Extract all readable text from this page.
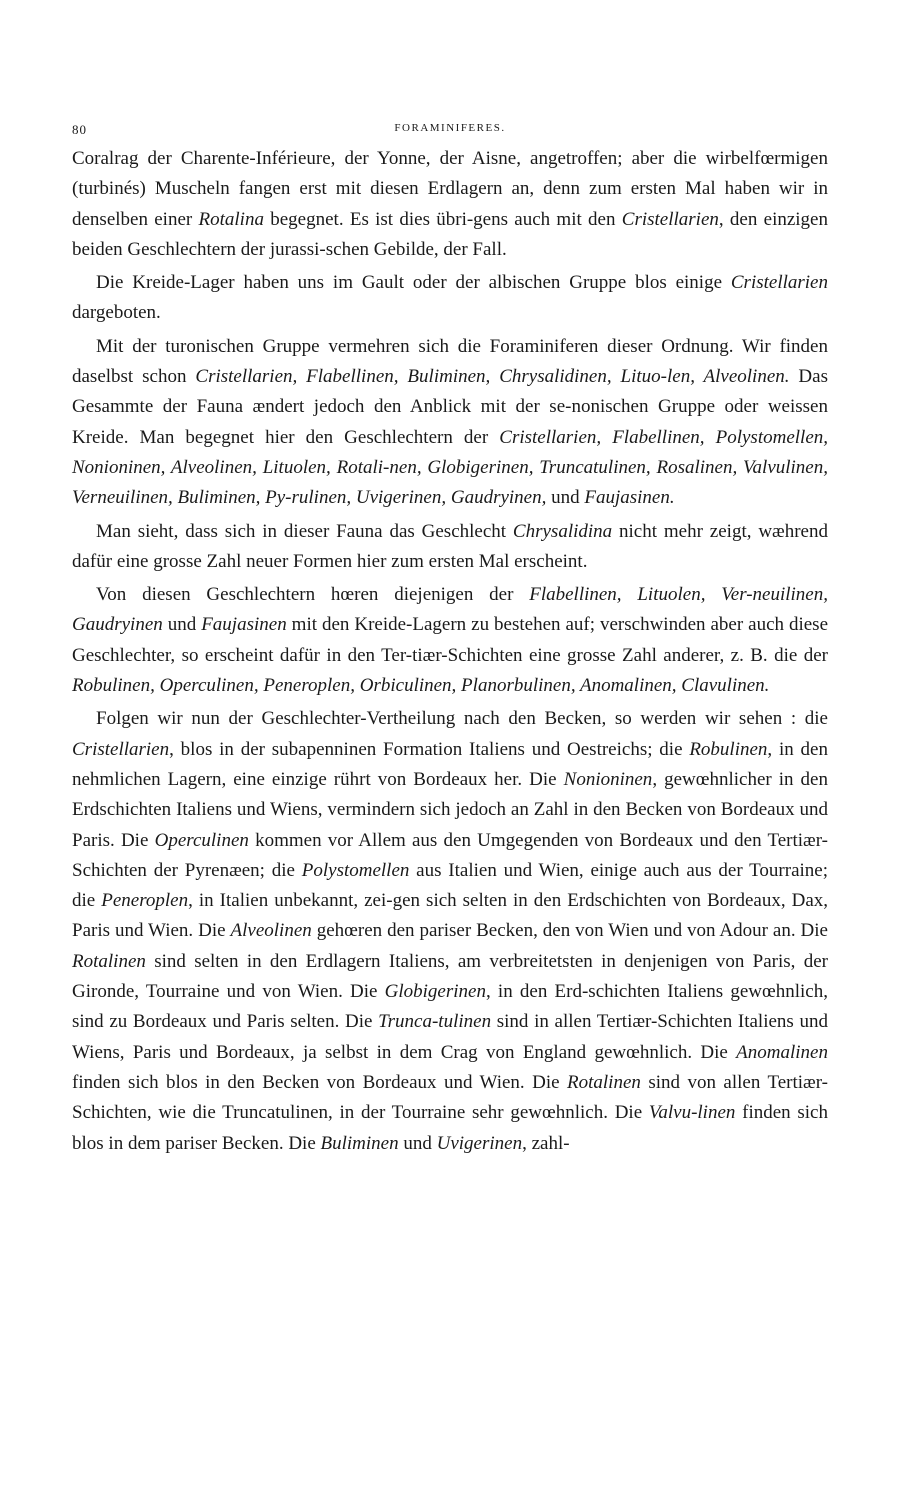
80	FORAMINIFERES.

Coralrag der Charente-Inférieure, der Yonne, der Aisne, angetroffen; aber die wirbelfœrmigen (turbinés) Muscheln fangen erst mit diesen Erdlagern an, denn zum ersten Mal haben wir in denselben einer Rotalina begegnet. Es ist dies übri-gens auch mit den Cristellarien, den einzigen beiden Geschlechtern der jurassi-schen Gebilde, der Fall.

Die Kreide-Lager haben uns im Gault oder der albischen Gruppe blos einige Cristellarien dargeboten.

Mit der turonischen Gruppe vermehren sich die Foraminiferen dieser Ordnung. Wir finden daselbst schon Cristellarien, Flabellinen, Buliminen, Chrysalidinen, Lituo-len, Alveolinen. Das Gesammte der Fauna ændert jedoch den Anblick mit der se-nonischen Gruppe oder weissen Kreide. Man begegnet hier den Geschlechtern der Cristellarien, Flabellinen, Polystomellen, Nonioninen, Alveolinen, Lituolen, Rotali-nen, Globigerinen, Truncatulinen, Rosalinen, Valvulinen, Verneuilinen, Buliminen, Py-rulinen, Uvigerinen, Gaudryinen, und Faujasinen.

Man sieht, dass sich in dieser Fauna das Geschlecht Chrysalidina nicht mehr zeigt, wæhrend dafür eine grosse Zahl neuer Formen hier zum ersten Mal erscheint.

Von diesen Geschlechtern hœren diejenigen der Flabellinen, Lituolen, Ver-neuilinen, Gaudryinen und Faujasinen mit den Kreide-Lagern zu bestehen auf; verschwinden aber auch diese Geschlechter, so erscheint dafür in den Ter-tiær-Schichten eine grosse Zahl anderer, z. B. die der Robulinen, Operculinen, Peneroplen, Orbiculinen, Planorbulinen, Anomalinen, Clavulinen.

Folgen wir nun der Geschlechter-Vertheilung nach den Becken, so werden wir sehen : die Cristellarien, blos in der subapenninen Formation Italiens und Oestreichs; die Robulinen, in den nehmlichen Lagern, eine einzige rührt von Bordeaux her. Die Nonioninen, gewœhnlicher in den Erdschichten Italiens und Wiens, vermindern sich jedoch an Zahl in den Becken von Bordeaux und Paris. Die Operculinen kommen vor Allem aus den Umgegenden von Bordeaux und den Tertiær-Schichten der Pyrenæen; die Polystomellen aus Italien und Wien, einige auch aus der Tourraine; die Peneroplen, in Italien unbekannt, zei-gen sich selten in den Erdschichten von Bordeaux, Dax, Paris und Wien. Die Alveolinen gehœren den pariser Becken, den von Wien und von Adour an. Die Rotalinen sind selten in den Erdlagern Italiens, am verbreitetsten in denjenigen von Paris, der Gironde, Tourraine und von Wien. Die Globigerinen, in den Erd-schichten Italiens gewœhnlich, sind zu Bordeaux und Paris selten. Die Trunca-tulinen sind in allen Tertiær-Schichten Italiens und Wiens, Paris und Bordeaux, ja selbst in dem Crag von England gewœhnlich. Die Anomalinen finden sich blos in den Becken von Bordeaux und Wien. Die Rotalinen sind von allen Tertiær-Schichten, wie die Truncatulinen, in der Tourraine sehr gewœhnlich. Die Valvu-linen finden sich blos in dem pariser Becken. Die Buliminen und Uvigerinen, zahl-
